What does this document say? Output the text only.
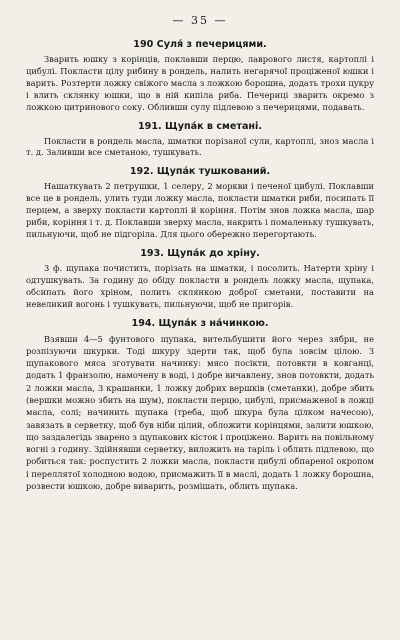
— 35 —
190 Суля́ з печерицями.

Зварить юшку з корінців, поклавши перцю, лаврового листя, картоплі і цибулі. Покласти цілу рибину в рондель, налить негарячої проціженої юшки і варить. Розтерти ложку свіжого масла з ложкою борошна, додать трохи цукру і влить склянку юшки, що в ній кипіла риба. Печериці зварить окремо з ложкою цитринового соку. Обливши сулу підлевою з печерицями, подавать.

191. Щупа́к в сметані.

Покласти в рондель масла, шматки порізаної сули, картоплі, зноз масла і т. д. Заливши все сметаною, тушкувать.

192. Щупа́к тушкований.

Нашаткувать 2 петрушки, 1 селеру, 2 моркви і печеної цибулі. Поклавши все це в рондель, улить туди ложку масла, покласти шматки риби, посипать її перцем, а зверху покласти картоплі й коріння. Потім знов ложка масла, шар риби, коріння і т. д. Поклавши зверху масла, накрить і помаленьку тушкувать, пильнуючи, щоб не підгоріла. Для цього обережно перегортають.

193. Щупа́к до хріну.

3 ф. щупака почистить, порізать на шматки, і посолить. Натерти хріну і одтушкувать. За годину до обіду покласти в рондель ложку масла, щупака, обсипать його хріном, полить склянкою доброї сметани, поставити на невеликий вогонь і тушкувать, пильнуючи, щоб не пригорів.

194. Щупа́к з на́чинкою.

Взявши 4—5 фунтового щупака, вительбушити його через зябри, не розпізуючи шкурки. Тоді шкуру здерти так, щоб була зовсім цілою. З щупакового мяса зготувати начинку: мясо посікти, потовкти в ковганці, додать 1 франзолю, намочену в воді, і добре вичавлену, знов потовкти, додать 2 ложки масла, 3 крашанки, 1 ложку добрих вершків (сметанки), добре збить (вершки можно збить на шум), покласти перцю, цибулі, присмаженої в ложці масла, солі; начинить щупака (треба, щоб шкура була цілком начесою), завязать в серветку, щоб був ніби цілий, обложити корінцями, залити юшкою, що заздалегідь зварено з щупакових кісток і проціжено. Варить на повільному вогні з годину. Здійнявши серветку, виложить на таріль і облить підлевою, що робиться так: роспустить 2 ложки масла, покласти цибулі обпареної окропом і переллятої холодною водою, присмажить її в маслі, додать 1 ложку борошна, розвести юшкою, добре виварить, розмішать, облить щупака.
